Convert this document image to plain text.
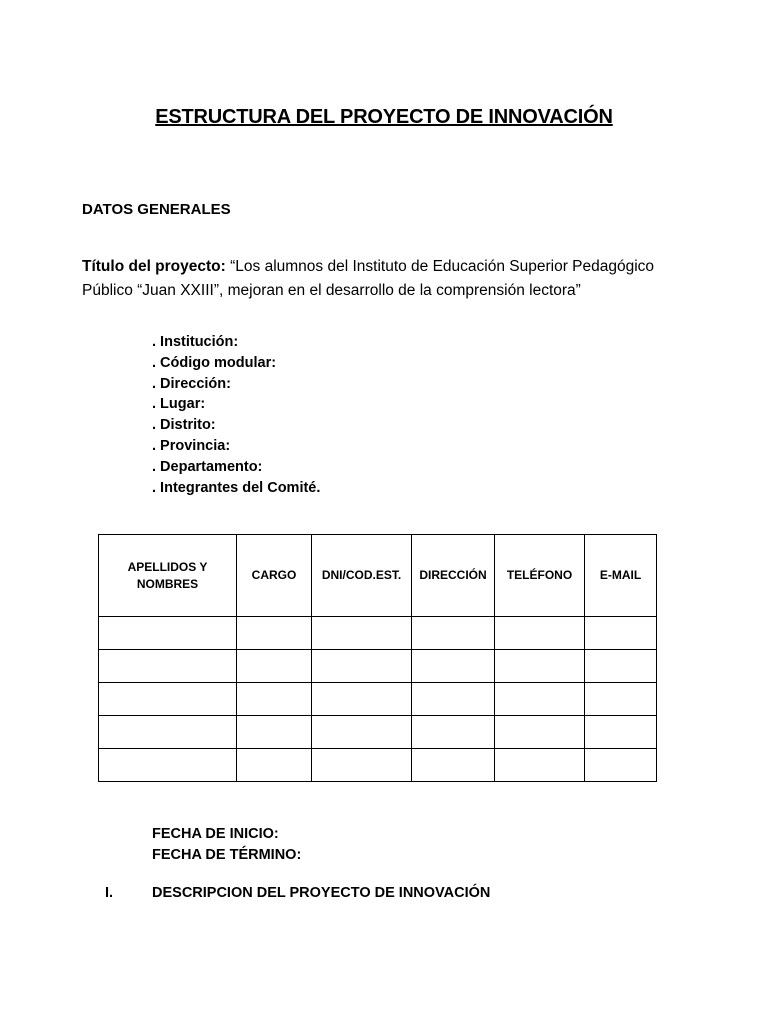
ESTRUCTURA DEL PROYECTO DE INNOVACIÓN
DATOS GENERALES
Título del proyecto: “Los alumnos del Instituto de Educación Superior Pedagógico Público “Juan XXIII”, mejoran en el desarrollo de la comprensión lectora”
. Institución:
. Código modular:
. Dirección:
. Lugar:
. Distrito:
. Provincia:
. Departamento:
. Integrantes del Comité.
APELLIDOS Y NOMBRES	CARGO	DNI/COD.EST.	DIRECCIÓN	TELÉFONO	E-MAIL

FECHA DE INICIO:
FECHA DE TÉRMINO:
I.	DESCRIPCION DEL PROYECTO DE INNOVACIÓN
